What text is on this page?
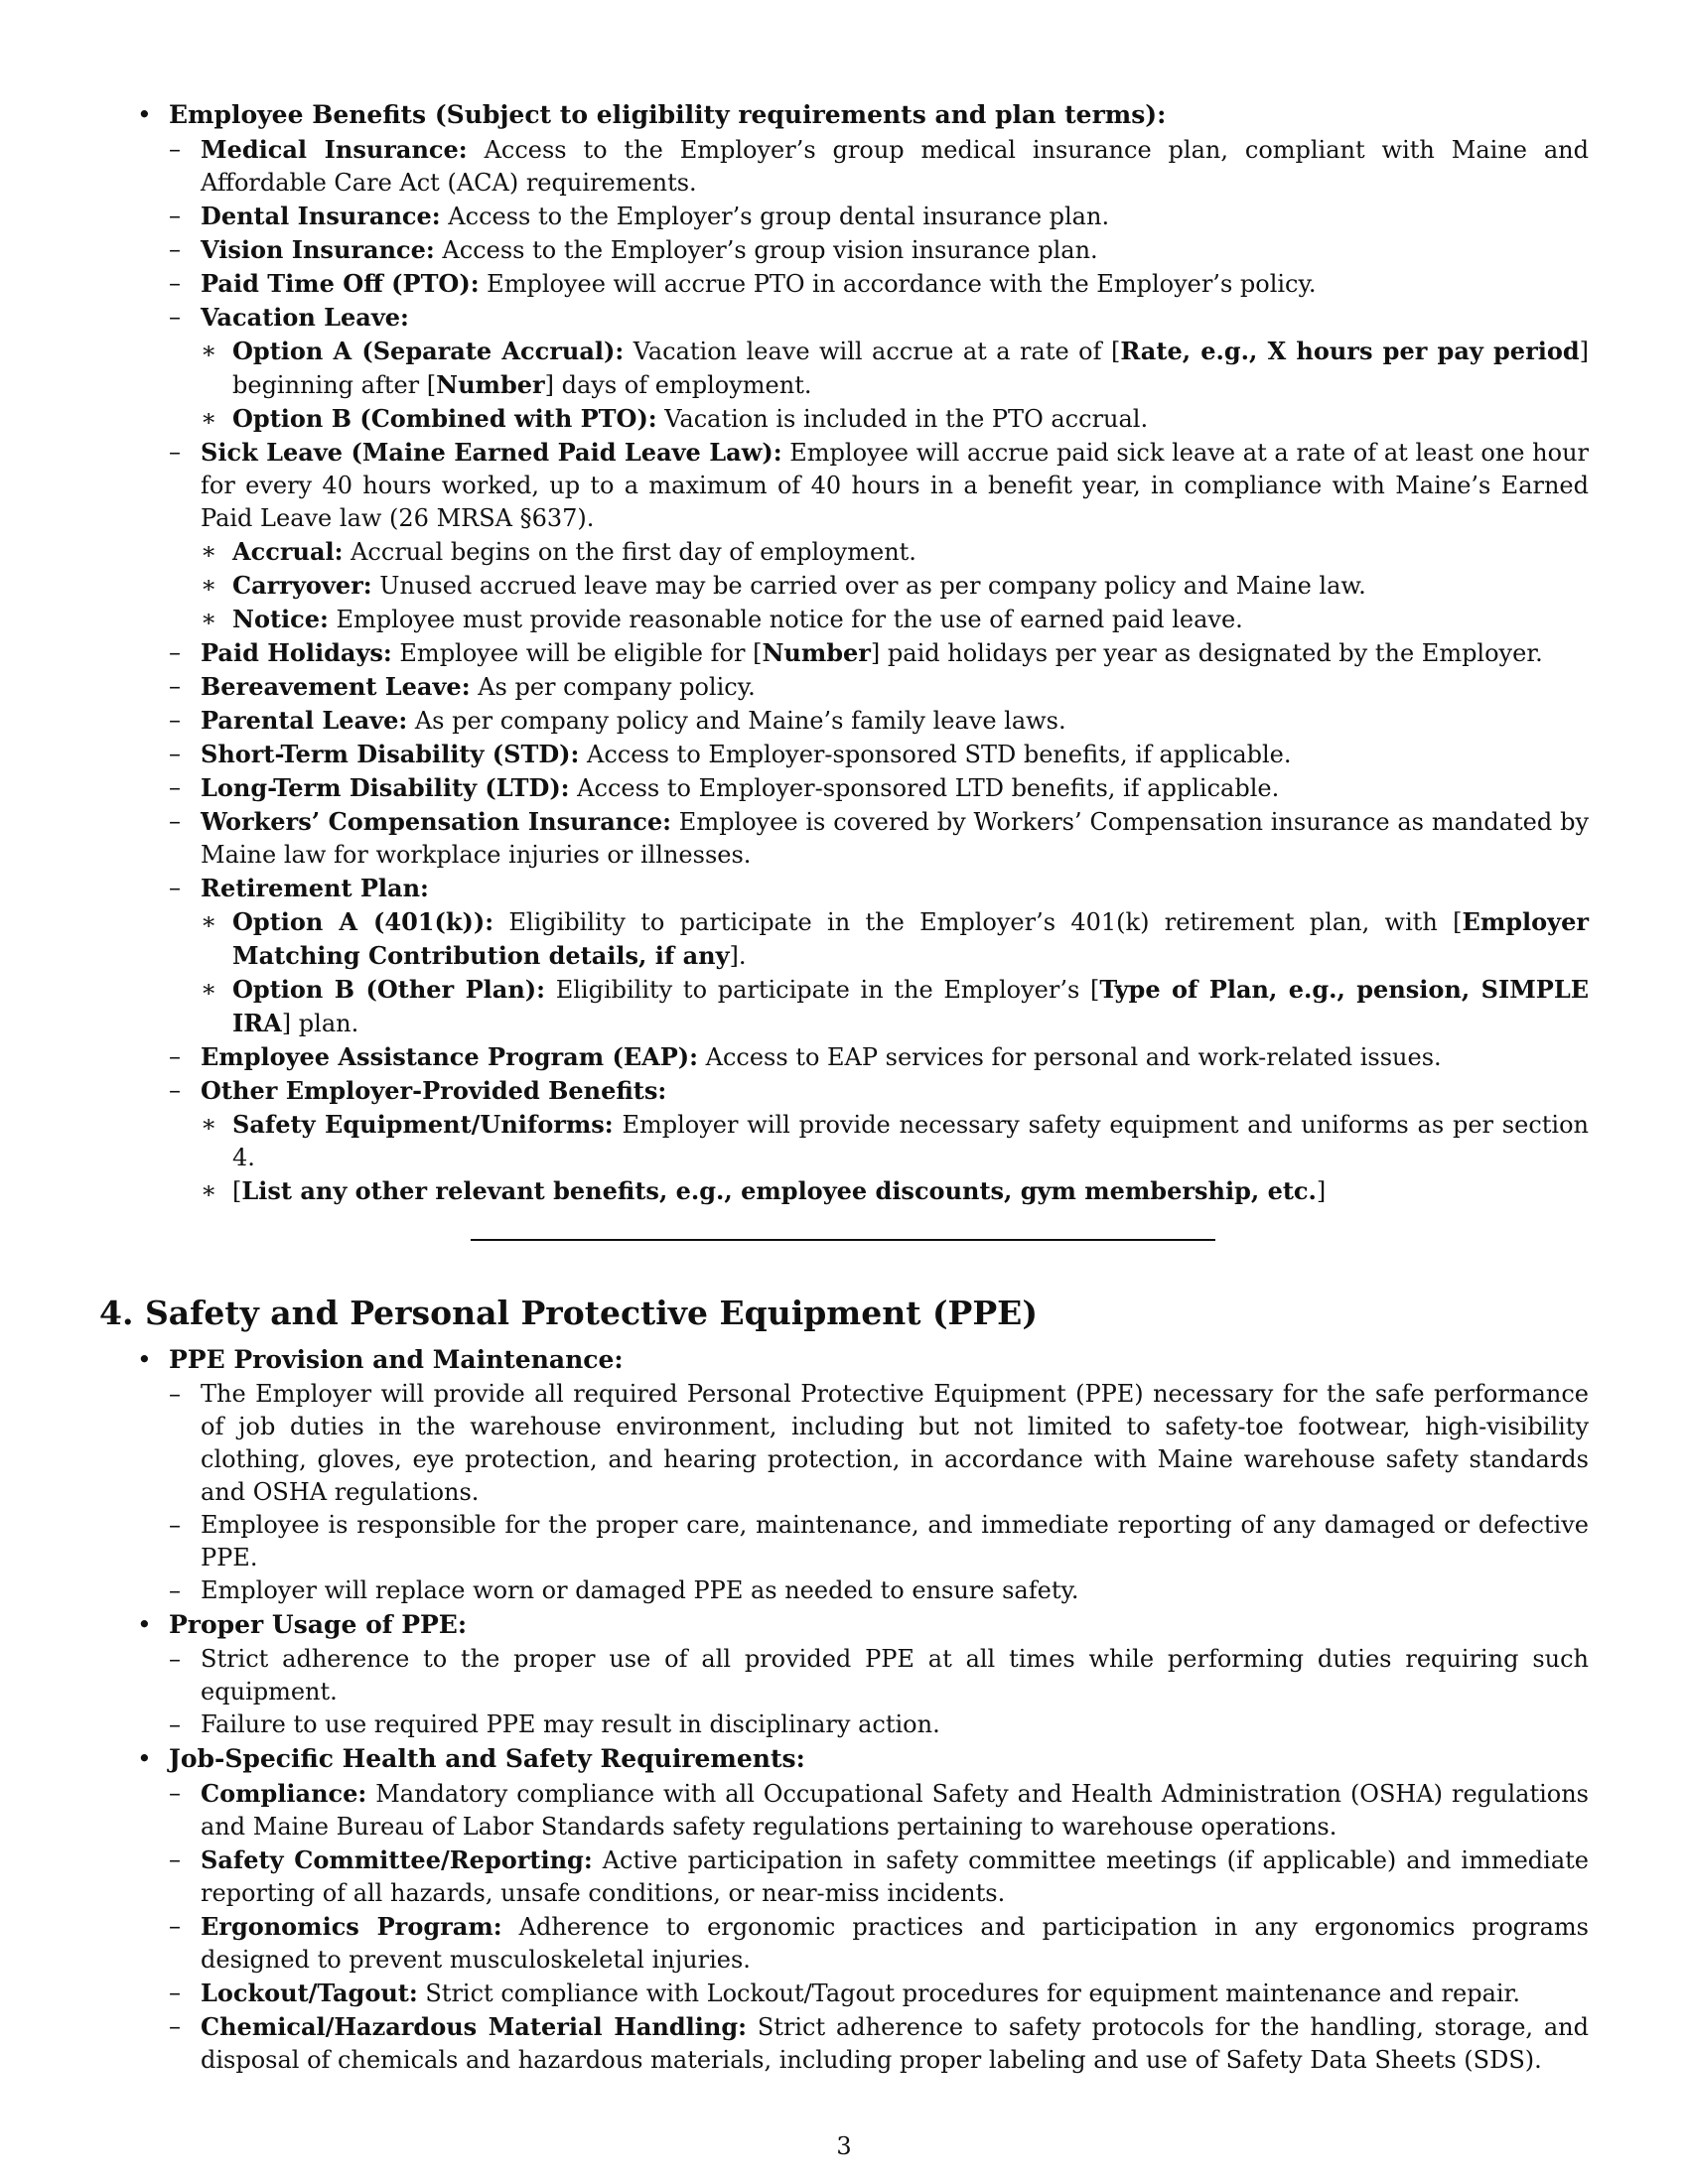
• Employee Benefits (Subject to eligibility requirements and plan terms):
– Medical Insurance: Access to the Employer’s group medical insurance plan, compliant with Maine and Affordable Care Act (ACA) requirements.
– Dental Insurance: Access to the Employer’s group dental insurance plan.
– Vision Insurance: Access to the Employer’s group vision insurance plan.
– Paid Time Off (PTO): Employee will accrue PTO in accordance with the Employer’s policy.
– Vacation Leave:
∗ Option A (Separate Accrual): Vacation leave will accrue at a rate of [Rate, e.g., X hours per pay period] beginning after [Number] days of employment.
∗ Option B (Combined with PTO): Vacation is included in the PTO accrual.
– Sick Leave (Maine Earned Paid Leave Law): Employee will accrue paid sick leave at a rate of at least one hour for every 40 hours worked, up to a maximum of 40 hours in a benefit year, in compliance with Maine’s Earned Paid Leave law (26 MRSA §637).
∗ Accrual: Accrual begins on the first day of employment.
∗ Carryover: Unused accrued leave may be carried over as per company policy and Maine law.
∗ Notice: Employee must provide reasonable notice for the use of earned paid leave.
– Paid Holidays: Employee will be eligible for [Number] paid holidays per year as designated by the Employer.
– Bereavement Leave: As per company policy.
– Parental Leave: As per company policy and Maine’s family leave laws.
– Short-Term Disability (STD): Access to Employer-sponsored STD benefits, if applicable.
– Long-Term Disability (LTD): Access to Employer-sponsored LTD benefits, if applicable.
– Workers’ Compensation Insurance: Employee is covered by Workers’ Compensation insurance as mandated by Maine law for workplace injuries or illnesses.
– Retirement Plan:
∗ Option A (401(k)): Eligibility to participate in the Employer’s 401(k) retirement plan, with [Employer Matching Contribution details, if any].
∗ Option B (Other Plan): Eligibility to participate in the Employer’s [Type of Plan, e.g., pension, SIMPLE IRA] plan.
– Employee Assistance Program (EAP): Access to EAP services for personal and work-related issues.
– Other Employer-Provided Benefits:
∗ Safety Equipment/Uniforms: Employer will provide necessary safety equipment and uniforms as per section 4.
∗ [List any other relevant benefits, e.g., employee discounts, gym membership, etc.]
4. Safety and Personal Protective Equipment (PPE)
• PPE Provision and Maintenance:
– The Employer will provide all required Personal Protective Equipment (PPE) necessary for the safe performance of job duties in the warehouse environment, including but not limited to safety-toe footwear, high-visibility clothing, gloves, eye protection, and hearing protection, in accordance with Maine warehouse safety standards and OSHA regulations.
– Employee is responsible for the proper care, maintenance, and immediate reporting of any damaged or defective PPE.
– Employer will replace worn or damaged PPE as needed to ensure safety.
• Proper Usage of PPE:
– Strict adherence to the proper use of all provided PPE at all times while performing duties requiring such equipment.
– Failure to use required PPE may result in disciplinary action.
• Job-Specific Health and Safety Requirements:
– Compliance: Mandatory compliance with all Occupational Safety and Health Administration (OSHA) regulations and Maine Bureau of Labor Standards safety regulations pertaining to warehouse operations.
– Safety Committee/Reporting: Active participation in safety committee meetings (if applicable) and immediate reporting of all hazards, unsafe conditions, or near-miss incidents.
– Ergonomics Program: Adherence to ergonomic practices and participation in any ergonomics programs designed to prevent musculoskeletal injuries.
– Lockout/Tagout: Strict compliance with Lockout/Tagout procedures for equipment maintenance and repair.
– Chemical/Hazardous Material Handling: Strict adherence to safety protocols for the handling, storage, and disposal of chemicals and hazardous materials, including proper labeling and use of Safety Data Sheets (SDS).
3
